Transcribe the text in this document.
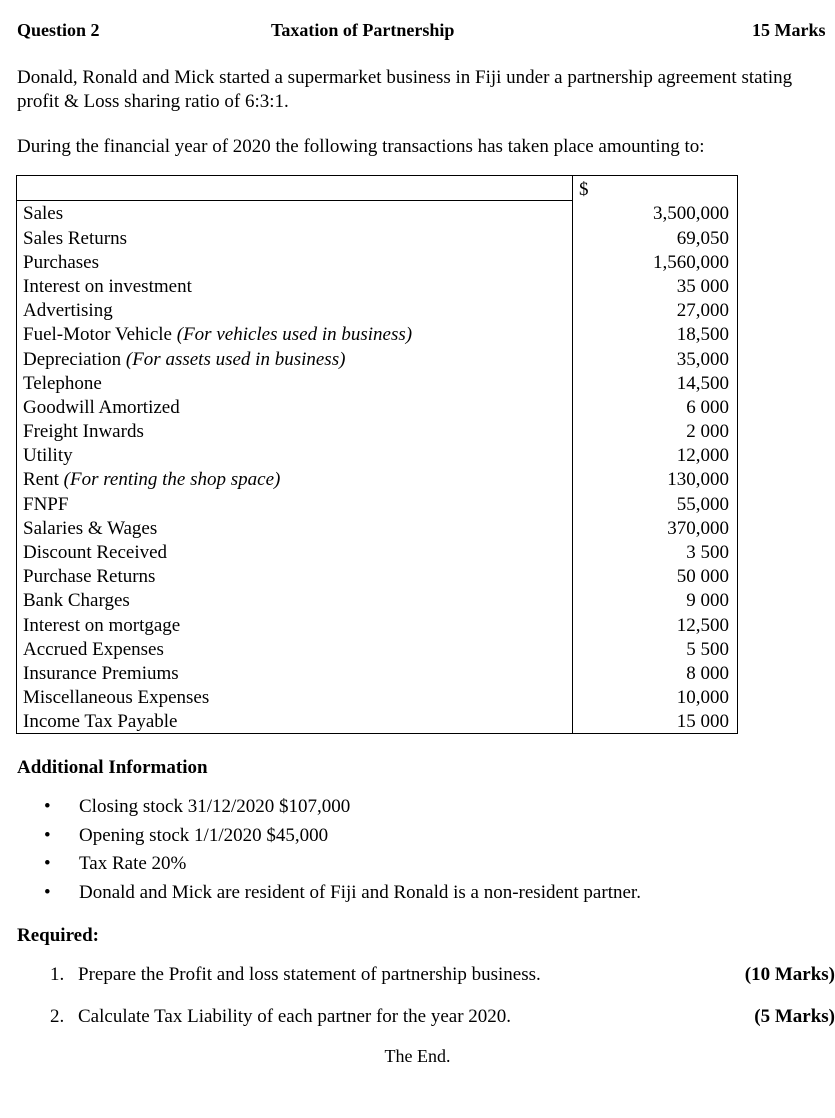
Question 2	Taxation of Partnership	15 Marks
Donald, Ronald and Mick started a supermarket business in Fiji under a partnership agreement stating profit & Loss sharing ratio of 6:3:1.
During the financial year of 2020 the following transactions has taken place amounting to:
	$
Sales	3,500,000
Sales Returns	69,050
Purchases	1,560,000
Interest on investment	35 000
Advertising	27,000
Fuel-Motor Vehicle (For vehicles used in business)	18,500
Depreciation (For assets used in business)	35,000
Telephone	14,500
Goodwill Amortized	6 000
Freight Inwards	2 000
Utility	12,000
Rent (For renting the shop space)	130,000
FNPF	55,000
Salaries & Wages	370,000
Discount Received	3 500
Purchase Returns	50 000
Bank Charges	9 000
Interest on mortgage	12,500
Accrued Expenses	5 500
Insurance Premiums	8 000
Miscellaneous Expenses	10,000
Income Tax Payable	15 000
Additional Information
• Closing stock 31/12/2020 $107,000
• Opening stock 1/1/2020 $45,000
• Tax Rate 20%
• Donald and Mick are resident of Fiji and Ronald is a non-resident partner.
Required:
1. Prepare the Profit and loss statement of partnership business.	(10 Marks)
2. Calculate Tax Liability of each partner for the year 2020.	(5 Marks)
The End.
